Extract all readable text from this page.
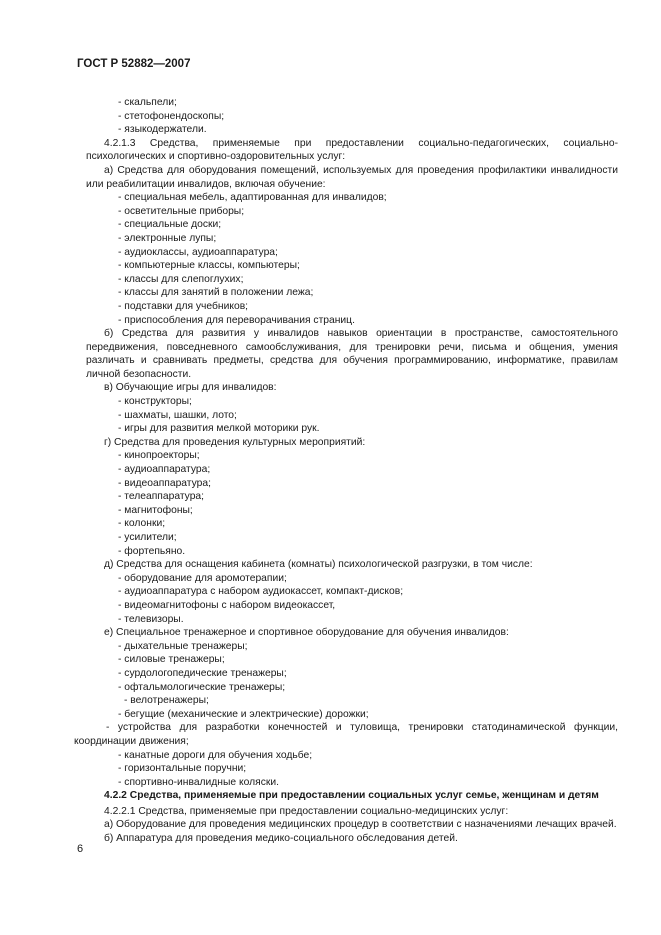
ГОСТ Р 52882—2007
- скальпели;
- стетофонендоскопы;
- языкодержатели.
4.2.1.3 Средства, применяемые при предоставлении социально-педагогических, социально-психологических и спортивно-оздоровительных услуг:
а) Средства для оборудования помещений, используемых для проведения профилактики инвалидности или реабилитации инвалидов, включая обучение:
- специальная мебель, адаптированная для инвалидов;
- осветительные приборы;
- специальные доски;
- электронные лупы;
- аудиоклассы, аудиоаппаратура;
- компьютерные классы, компьютеры;
- классы для слепоглухих;
- классы для занятий в положении лежа;
- подставки для учебников;
- приспособления для переворачивания страниц.
б) Средства для развития у инвалидов навыков ориентации в пространстве, самостоятельного передвижения, повседневного самообслуживания, для тренировки речи, письма и общения, умения различать и сравнивать предметы, средства для обучения программированию, информатике, правилам личной безопасности.
в) Обучающие игры для инвалидов:
- конструкторы;
- шахматы, шашки, лото;
- игры для развития мелкой моторики рук.
г) Средства для проведения культурных мероприятий:
- кинопроекторы;
- аудиоаппаратура;
- видеоаппаратура;
- телеаппаратура;
- магнитофоны;
- колонки;
- усилители;
- фортепьяно.
д) Средства для оснащения кабинета (комнаты) психологической разгрузки, в том числе:
- оборудование для аромотерапии;
- аудиоаппаратура с набором аудиокассет, компакт-дисков;
- видеомагнитофоны с набором видеокассет,
- телевизоры.
е) Специальное тренажерное и спортивное оборудование для обучения инвалидов:
- дыхательные тренажеры;
- силовые тренажеры;
- сурдологопедические тренажеры;
- офтальмологические тренажеры;
- велотренажеры;
- бегущие (механические и электрические) дорожки;
- устройства для разработки конечностей и туловища, тренировки статодинамической функции, координации движения;
- канатные дороги для обучения ходьбе;
- горизонтальные поручни;
- спортивно-инвалидные коляски.
4.2.2 Средства, применяемые при предоставлении социальных услуг семье, женщинам и детям
4.2.2.1 Средства, применяемые при предоставлении социально-медицинских услуг:
а) Оборудование для проведения медицинских процедур в соответствии с назначениями лечащих врачей.
б) Аппаратура для проведения медико-социального обследования детей.
6
